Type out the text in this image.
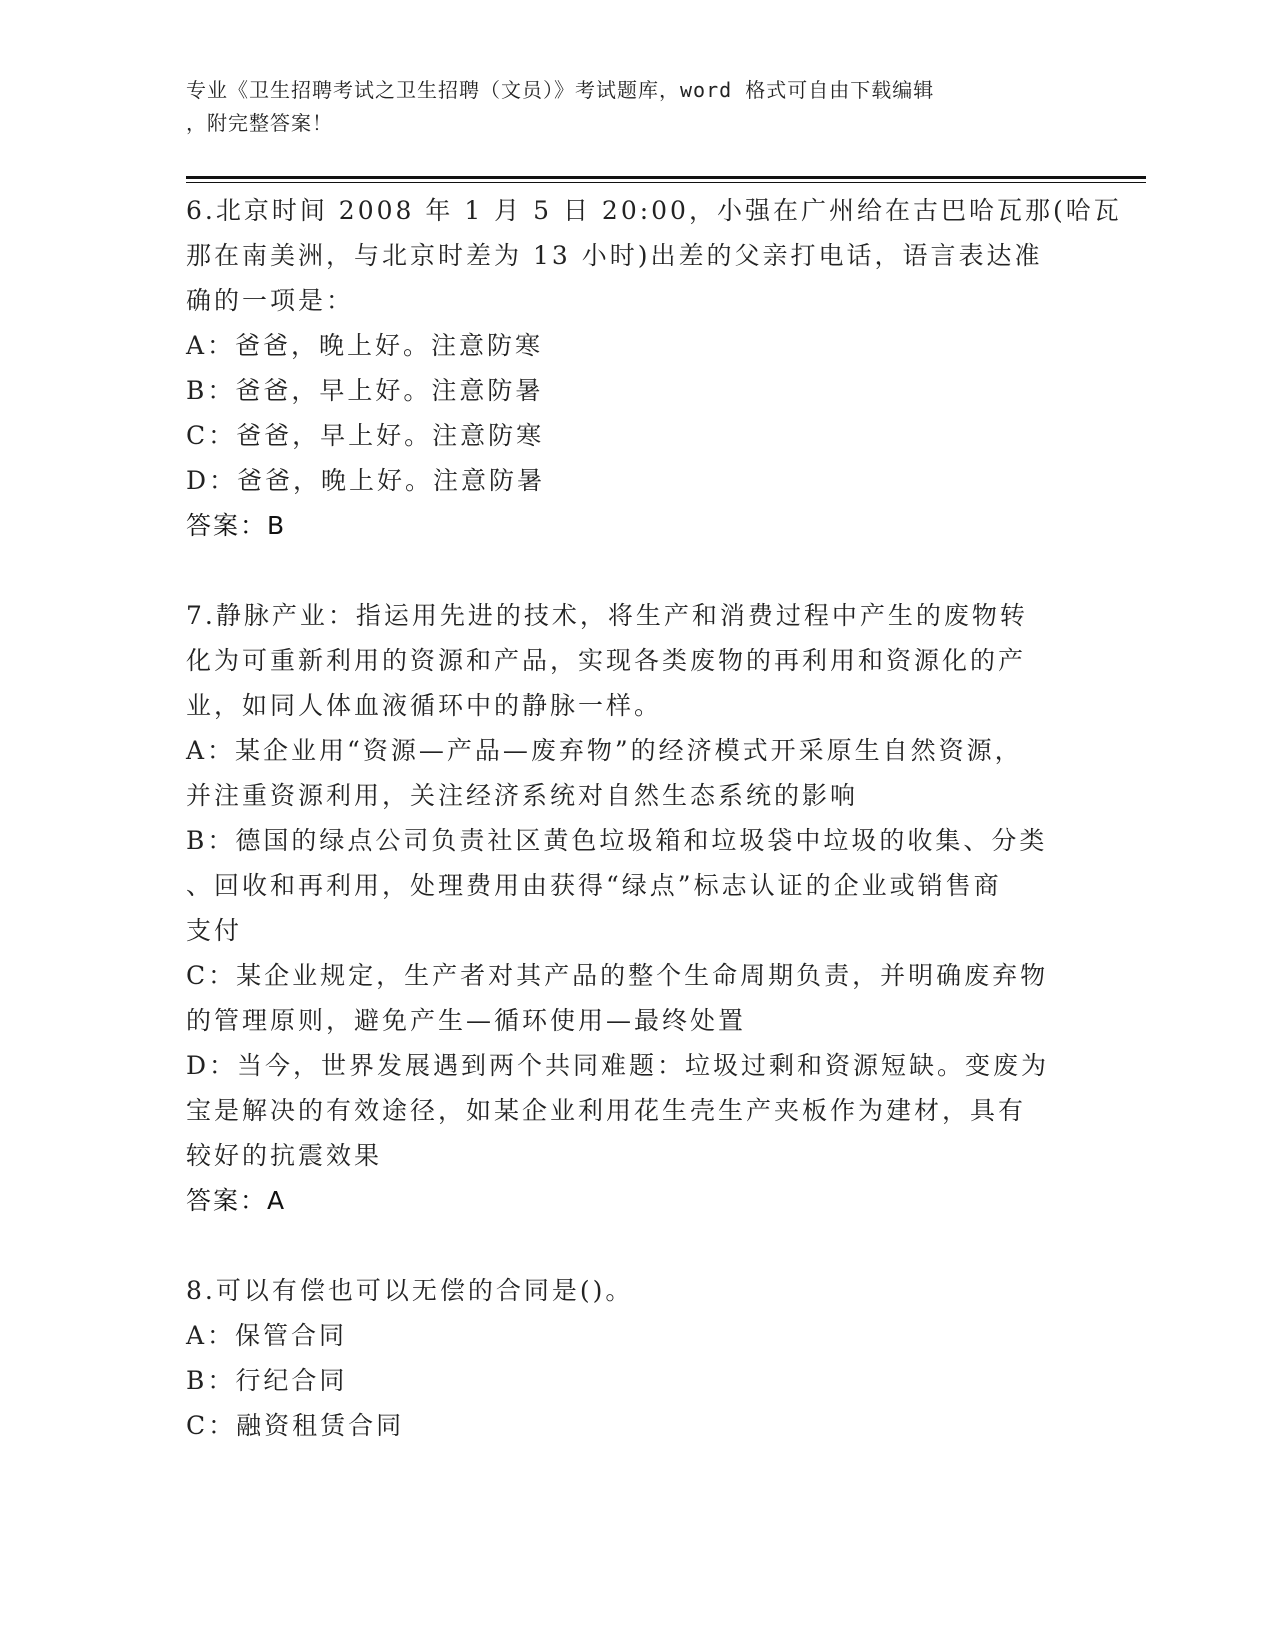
专业《卫生招聘考试之卫生招聘（文员）》考试题库，word 格式可自由下载编辑
，附完整答案！
6.北京时间 2008 年 1 月 5 日 20:00，小强在广州给在古巴哈瓦那(哈瓦
那在南美洲，与北京时差为 13 小时)出差的父亲打电话，语言表达准
确的一项是：
A：爸爸，晚上好。注意防寒
B：爸爸，早上好。注意防暑
C：爸爸，早上好。注意防寒
D：爸爸，晚上好。注意防暑
答案：B
7.静脉产业：指运用先进的技术，将生产和消费过程中产生的废物转
化为可重新利用的资源和产品，实现各类废物的再利用和资源化的产
业，如同人体血液循环中的静脉一样。
A：某企业用“资源—产品—废弃物”的经济模式开采原生自然资源，
并注重资源利用，关注经济系统对自然生态系统的影响
B：德国的绿点公司负责社区黄色垃圾箱和垃圾袋中垃圾的收集、分类
、回收和再利用，处理费用由获得“绿点”标志认证的企业或销售商
支付
C：某企业规定，生产者对其产品的整个生命周期负责，并明确废弃物
的管理原则，避免产生—循环使用—最终处置
D：当今，世界发展遇到两个共同难题：垃圾过剩和资源短缺。变废为
宝是解决的有效途径，如某企业利用花生壳生产夹板作为建材，具有
较好的抗震效果
答案：A
8.可以有偿也可以无偿的合同是()。
A：保管合同
B：行纪合同
C：融资租赁合同
